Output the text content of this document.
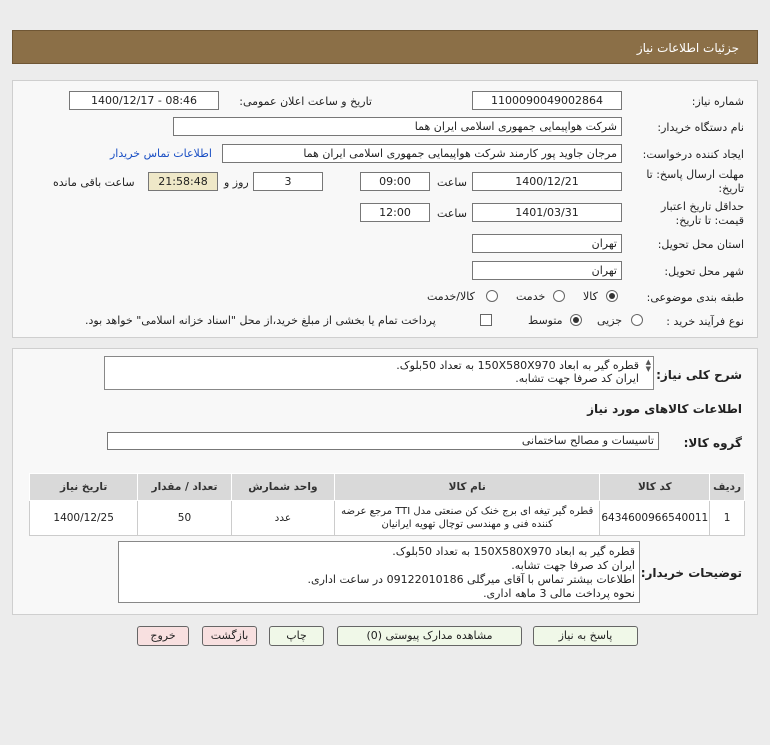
جزئیات اطلاعات نیاز
شماره نیاز:
1100090049002864
تاریخ و ساعت اعلان عمومی:
1400/12/17 - 08:46
نام دستگاه خریدار:
شرکت هواپیمایی جمهوری اسلامی ایران هما
ایجاد کننده درخواست:
مرجان جاوید پور کارمند شرکت هواپیمایی جمهوری اسلامی ایران هما
اطلاعات تماس خریدار
مهلت ارسال پاسخ: تا
تاریخ:
1400/12/21
ساعت
09:00
3
روز و
21:58:48
ساعت باقی مانده
حداقل تاریخ اعتبار
قیمت: تا تاریخ:
1401/03/31
ساعت
12:00
استان محل تحویل:
تهران
شهر محل تحویل:
تهران
طبقه بندی موضوعی:
کالا
خدمت
کالا/خدمت
نوع فرآیند خرید :
جزیی
متوسط
پرداخت تمام یا بخشی از مبلغ خرید،از محل "اسناد خزانه اسلامی" خواهد بود.
شرح کلی نیاز:
قطره گیر به ابعاد 150X580X970 به تعداد 50بلوک.
ایران کد صرفا جهت تشابه.
▲
▼
اطلاعات کالاهای مورد نیاز
گروه کالا:
تاسیسات و مصالح ساختمانی
ردیف	کد کالا	نام کالا	واحد شمارش	تعداد / مقدار	تاریخ نیاز
1	6434600966540011	قطره گیر تیغه ای برج خنک کن صنعتی مدل TTI مرجع عرضه
کننده فنی و مهندسی توچال تهویه ایرانیان	عدد	50	1400/12/25
توضیحات خریدار:
قطره گیر به ابعاد 150X580X970 به تعداد 50بلوک.
ایران کد صرفا جهت تشابه.
اطلاعات بیشتر تماس با آقای میرگلی 09122010186 در ساعت اداری.
نحوه پرداخت مالی 3 ماهه اداری.
پاسخ به نیاز
مشاهده مدارک پیوستی (0)
چاپ
بازگشت
خروج
